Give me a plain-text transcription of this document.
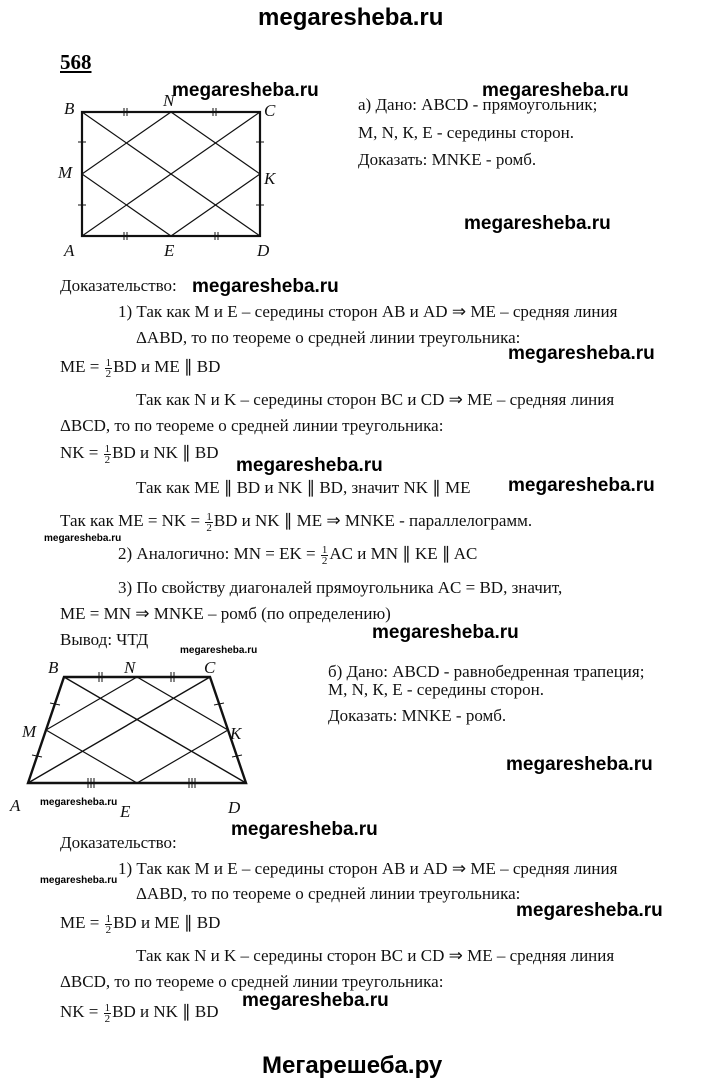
megaresheba.ru
Мегарешеба.ру
568
B	N
C
M	K
A	E	D
а) Дано: ABCD - прямоугольник;
M, N, К, E - середины сторон.
Доказать: MNKE - ромб.
Доказательство:
1) Так как M и E – середины сторон AB и AD ⇒ ME – средняя линия
ΔABD, то по теореме о средней линии треугольника:
ME = $\frac{1}{2}$ BD и ME ∥ BD
Так как N и K – середины сторон BC и CD ⇒ ME – средняя линия
ΔBCD, то по теореме о средней линии треугольника:
NK = $\frac{1}{2}$ BD и NK ∥ BD
Так как ME ∥ BD и NK ∥ BD, значит NK ∥ ME
Так как ME = NK = $\frac{1}{2}$ BD и NK ∥ ME ⇒ MNKE - параллелограмм.
2) Аналогично: MN = EK = $\frac{1}{2}$ AC и MN ∥ KE ∥ AC
3) По свойству диагоналей прямоугольника AC = BD, значит,
ME = MN ⇒ MNKE – ромб (по определению)
Вывод: ЧТД
B	N	C
M	K
A	E	D
б) Дано: ABCD - равнобедренная трапеция;
M, N, К, E - середины сторон.
Доказать: MNKE - ромб.
Доказательство:
1) Так как M и E – середины сторон AB и AD ⇒ ME – средняя линия
ΔABD, то по теореме о средней линии треугольника:
ME = $\frac{1}{2}$ BD и ME ∥ BD
Так как N и K – середины сторон BC и CD ⇒ ME – средняя линия
ΔBCD, то по теореме о средней линии треугольника:
NK = $\frac{1}{2}$ BD и NK ∥ BD
megaresheba.ru	megaresheba.ru
megaresheba.ru
megaresheba.ru
megaresheba.ru
megaresheba.ru
megaresheba.ru
megaresheba.ru
megaresheba.ru
megaresheba.ru
megaresheba.ru
megaresheba.ru
megaresheba.ru
megaresheba.ru
megaresheba.ru
megaresheba.ru
